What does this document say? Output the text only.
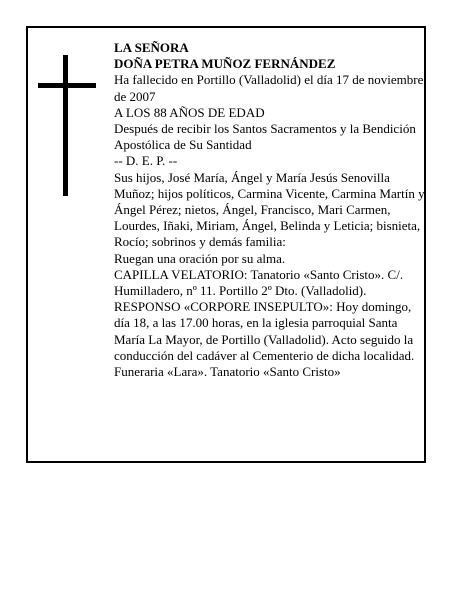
LA SEÑORA

DOÑA PETRA MUÑOZ FERNÁNDEZ

Ha fallecido en Portillo (Valladolid) el día 17 de noviembre de 2007

A LOS 88 AÑOS DE EDAD

Después de recibir los Santos Sacramentos y la Bendición Apostólica de Su Santidad

-- D. E. P. --

Sus hijos, José María, Ángel y María Jesús Senovilla Muñoz; hijos políticos, Carmina Vicente, Carmina Martín y Ángel Pérez; nietos, Ángel, Francisco, Mari Carmen, Lourdes, Iñaki, Miriam, Ángel, Belinda y Leticia; bisnieta, Rocío; sobrinos y demás familia:

Ruegan una oración por su alma.

CAPILLA VELATORIO: Tanatorio «Santo Cristo». C/. Humilladero, nº 11. Portillo 2º Dto. (Valladolid).

RESPONSO «CORPORE INSEPULTO»: Hoy domingo, día 18, a las 17.00 horas, en la iglesia parroquial Santa María La Mayor, de Portillo (Valladolid). Acto seguido la conducción del cadáver al Cementerio de dicha localidad.

Funeraria «Lara». Tanatorio «Santo Cristo»
